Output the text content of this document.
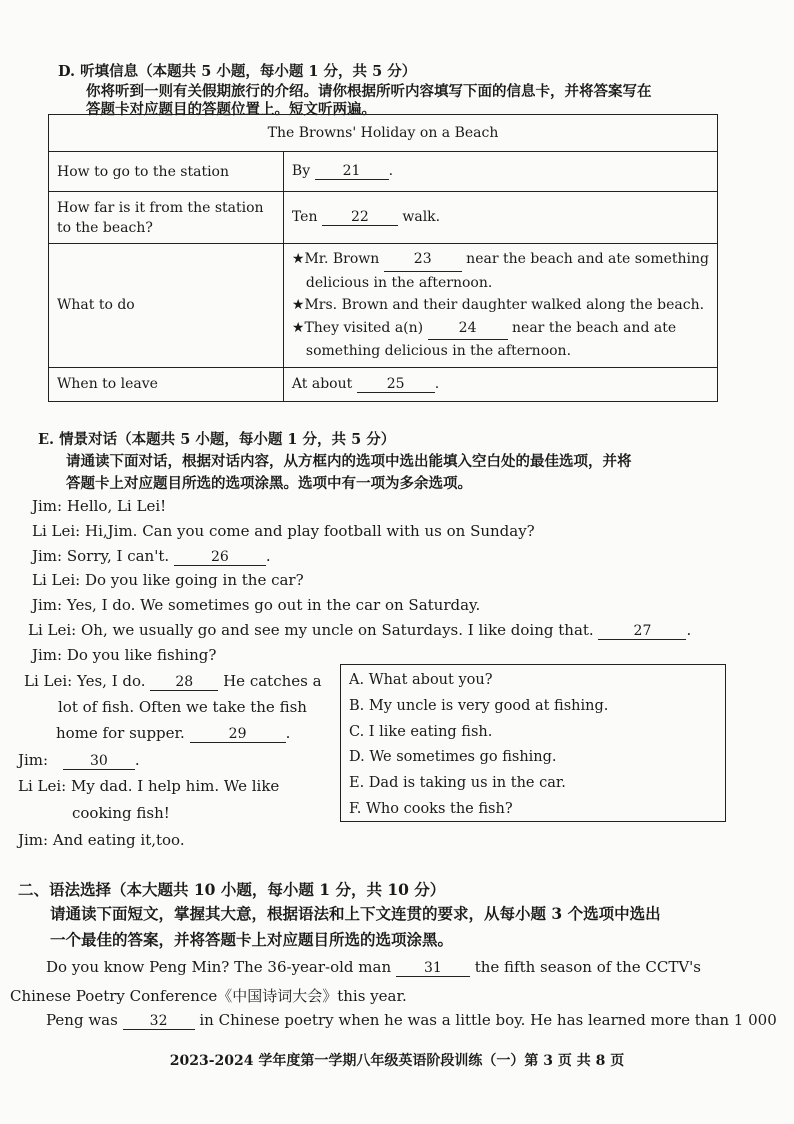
D. 听填信息（本题共 5 小题，每小题 1 分，共 5 分）
你将听到一则有关假期旅行的介绍。请你根据所听内容填写下面的信息卡，并将答案写在
答题卡对应题目的答题位置上。短文听两遍。
The Browns' Holiday on a Beach	
How to go to the station	By 21 .
How far is it from the station to the beach?	Ten 22 walk.
What to do	★Mr. Brown 23 near the beach and ate something
delicious in the afternoon.
★Mrs. Brown and their daughter walked along the beach.
★They visited a(n) 24 near the beach and ate
something delicious in the afternoon.

When to leave	At about 25 .
E. 情景对话（本题共 5 小题，每小题 1 分，共 5 分）
请通读下面对话，根据对话内容，从方框内的选项中选出能填入空白处的最佳选项，并将
答题卡上对应题目所选的选项涂黑。选项中有一项为多余选项。
Jim: Hello, Li Lei!
Li Lei: Hi,Jim. Can you come and play football with us on Sunday?
Jim: Sorry, I can't.	26 .
Li Lei: Do you like going in the car?
Jim: Yes, I do. We sometimes go out in the car on Saturday.
Li Lei: Oh, we usually go and see my uncle on Saturdays. I like doing that.	27 .
Jim: Do you like fishing?
Li Lei: Yes, I do. 28 He catches a
lot of fish. Often we take the fish
home for supper.	29	.
Jim:	30 .
Li Lei: My dad. I help him. We like
cooking fish!
Jim: And eating it,too.
A. What about you?
B. My uncle is very good at fishing.
C. I like eating fish.
D. We sometimes go fishing.
E. Dad is taking us in the car.
F. Who cooks the fish?
二、语法选择（本大题共 10 小题，每小题 1 分，共 10 分）
请通读下面短文，掌握其大意，根据语法和上下文连贯的要求，从每小题 3 个选项中选出
一个最佳的答案，并将答题卡上对应题目所选的选项涂黑。
Do you know Peng Min? The 36-year-old man 31 the fifth season of the CCTV's
Chinese Poetry Conference《中国诗词大会》this year.
Peng was 32 in Chinese poetry when he was a little boy. He has learned more than 1 000
2023-2024 学年度第一学期八年级英语阶段训练（一）第 3 页 共 8 页
